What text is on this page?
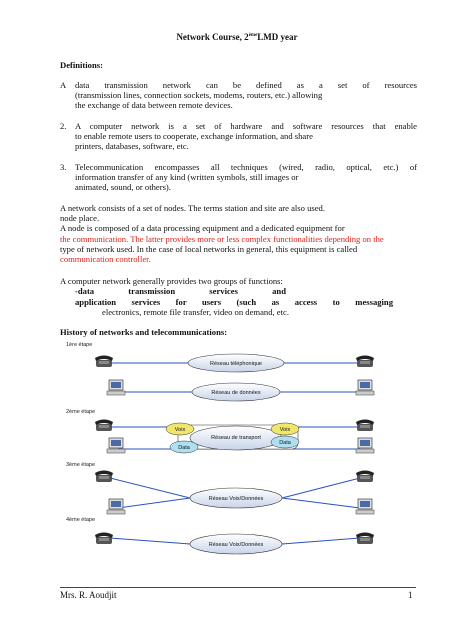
Network Course, 2èmeLMD year
Definitions:
A data transmission network can be defined as a set of resources
(transmission lines, connection sockets, modems, routers, etc.) allowing
the exchange of data between remote devices.
2. A computer network is a set of hardware and software resources that enable
to enable remote users to cooperate, exchange information, and share
printers, databases, software, etc.
3. Telecommunication encompasses all techniques (wired, radio, optical, etc.) of
information transfer of any kind (written symbols, still images or
animated, sound, or others).
A network consists of a set of nodes. The terms station and site are also used.
node place.
A node is composed of a data processing equipment and a dedicated equipment for
the communication. The latter provides more or less complex functionalities depending on the
type of network used. In the case of local networks in general, this equipment is called
communication controller.
A computer network generally provides two groups of functions:
-data transmission services and
application services for users (such as access to messaging
electronics, remote file transfer, video on demand, etc.
History of networks and telecommunications:
1ère étape
Réseau téléphonique
Réseau de données
2ème étape
Réseau de transport
Voix
Data
Voix
Data
3ème étape
Réseau Voix/Données
4ème étape
Réseau Voix/Données
Mrs. R. Aoudjit	1
